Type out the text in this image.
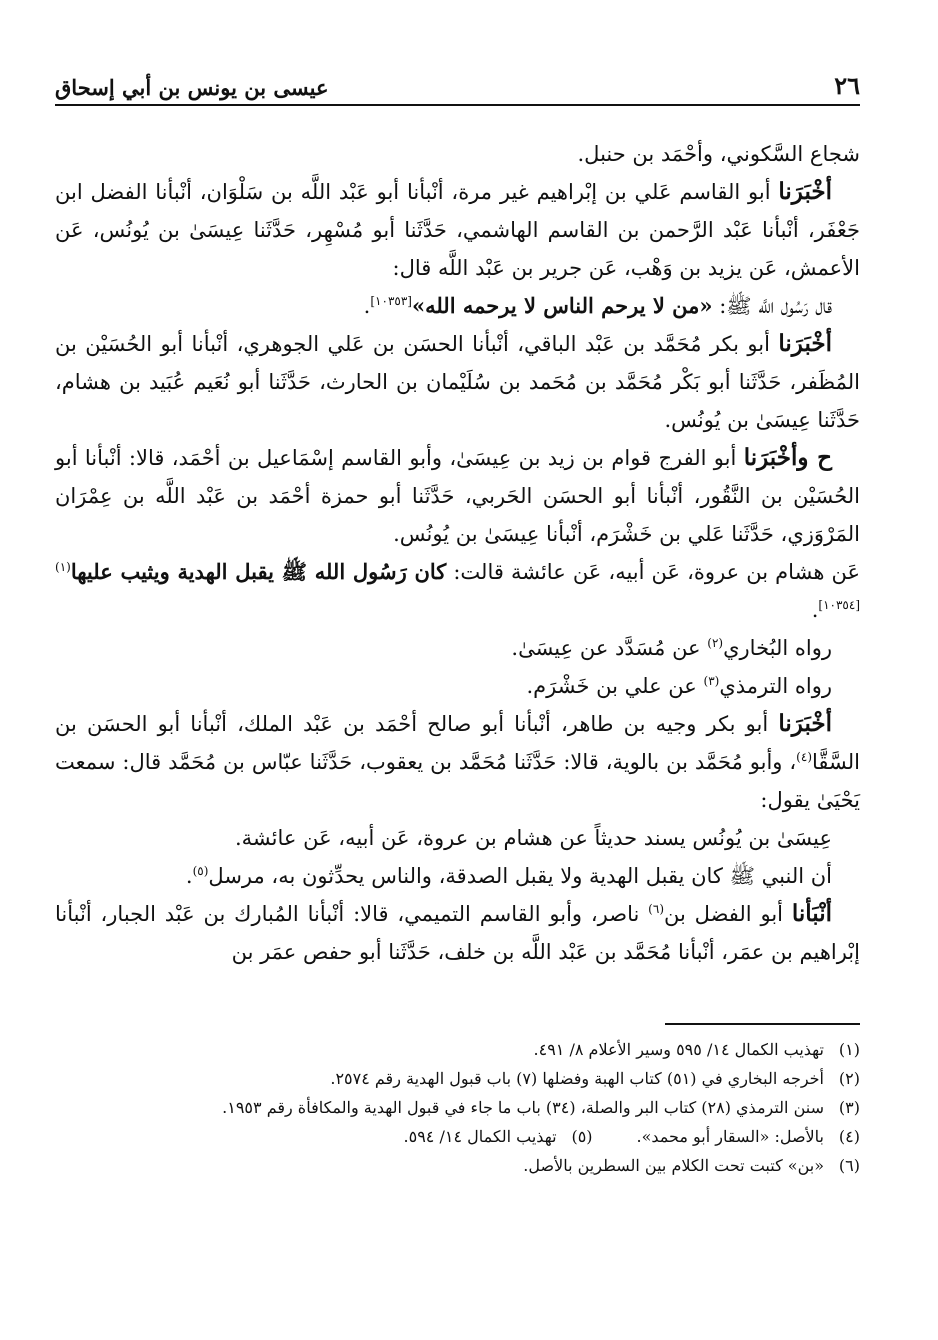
٢٦
عيسى بن يونس بن أبي إسحاق

شجاع السَّكوني، وأحْمَد بن حنبل.

أخْبَرَنا أبو القاسم عَلي بن إبْراهيم غير مرة، أنْبأنا أبو عَبْد اللَّه بن سَلْوَان، أنْبأنا الفضل ابن جَعْفَر، أنْبأنا عَبْد الرَّحمن بن القاسم الهاشمي، حَدَّثَنا أبو مُسْهِر، حَدَّثَنا عِيسَىٰ بن يُونُس، عَن الأعمش، عَن يزيد بن وَهْب، عَن جرير بن عَبْد اللَّه قال:

قال رَسُول اللَّه ﷺ: «من لا يرحم الناس لا يرحمه الله»[١٠٣٥٣].

أخْبَرَنا أبو بكر مُحَمَّد بن عَبْد الباقي، أنْبأنا الحسَن بن عَلي الجوهري، أنْبأنا أبو الحُسَيْن بن المُظَفر، حَدَّثَنا أبو بَكْر مُحَمَّد بن مُحَمد بن سُلَيْمان بن الحارث، حَدَّثَنا أبو نُعَيم عُبَيد بن هشام، حَدَّثَنا عِيسَىٰ بن يُونُس.

ح وأخْبَرَنا أبو الفرج قوام بن زيد بن عِيسَىٰ، وأبو القاسم إسْمَاعيل بن أحْمَد، قالا: أنْبأنا أبو الحُسَيْن بن النَّقُور، أنْبأنا أبو الحسَن الحَربي، حَدَّثَنا أبو حمزة أحْمَد بن عَبْد اللَّه بن عِمْرَان المَرْوَزي، حَدَّثَنا عَلي بن خَشْرَم، أنْبأنا عِيسَىٰ بن يُونُس.

عَن هشام بن عروة، عَن أبيه، عَن عائشة قالت: كان رَسُول الله ﷺ يقبل الهدية ويثيب عليها$^{(١)[١٠٣٥٤]}$.

رواه البُخاري$^{(٢)}$ عن مُسَدَّد عن عِيسَىٰ.

رواه الترمذي$^{(٣)}$ عن علي بن خَشْرَم.

أخْبَرَنا أبو بكر وجيه بن طاهر، أنْبأنا أبو صالح أحْمَد بن عَبْد الملك، أنْبأنا أبو الحسَن بن السَّقَّا$^{(٤)}$، وأبو مُحَمَّد بن بالوية، قالا: حَدَّثَنا مُحَمَّد بن يعقوب، حَدَّثَنا عبّاس بن مُحَمَّد قال: سمعت يَحْيَىٰ يقول:

عِيسَىٰ بن يُونُس يسند حديثاً عن هشام بن عروة، عَن أبيه، عَن عائشة.

أن النبي ﷺ كان يقبل الهدية ولا يقبل الصدقة، والناس يحدِّثون به، مرسل$^{(٥)}$.

أنْبَأنا أبو الفضل بن$^{(٦)}$ ناصر، وأبو القاسم التميمي، قالا: أنْبأنا المُبارك بن عَبْد الجبار، أنْبأنا إبْراهيم بن عمَر، أنْبأنا مُحَمَّد بن عَبْد اللَّه بن خلف، حَدَّثَنا أبو حفص عمَر بن

(١)تهذيب الكمال ١٤/ ٥٩٥ وسير الأعلام ٨/ ٤٩١.
(٢)أخرجه البخاري في (٥١) كتاب الهبة وفضلها (٧) باب قبول الهدية رقم ٢٥٧٤.
(٣)سنن الترمذي (٢٨) كتاب البر والصلة، (٣٤) باب ما جاء في قبول الهدية والمكافأة رقم ١٩٥٣.
(٤)بالأصل: «السقار أبو محمد».
(٥)تهذيب الكمال ١٤/ ٥٩٤.
(٦)«بن» كتبت تحت الكلام بين السطرين بالأصل.
